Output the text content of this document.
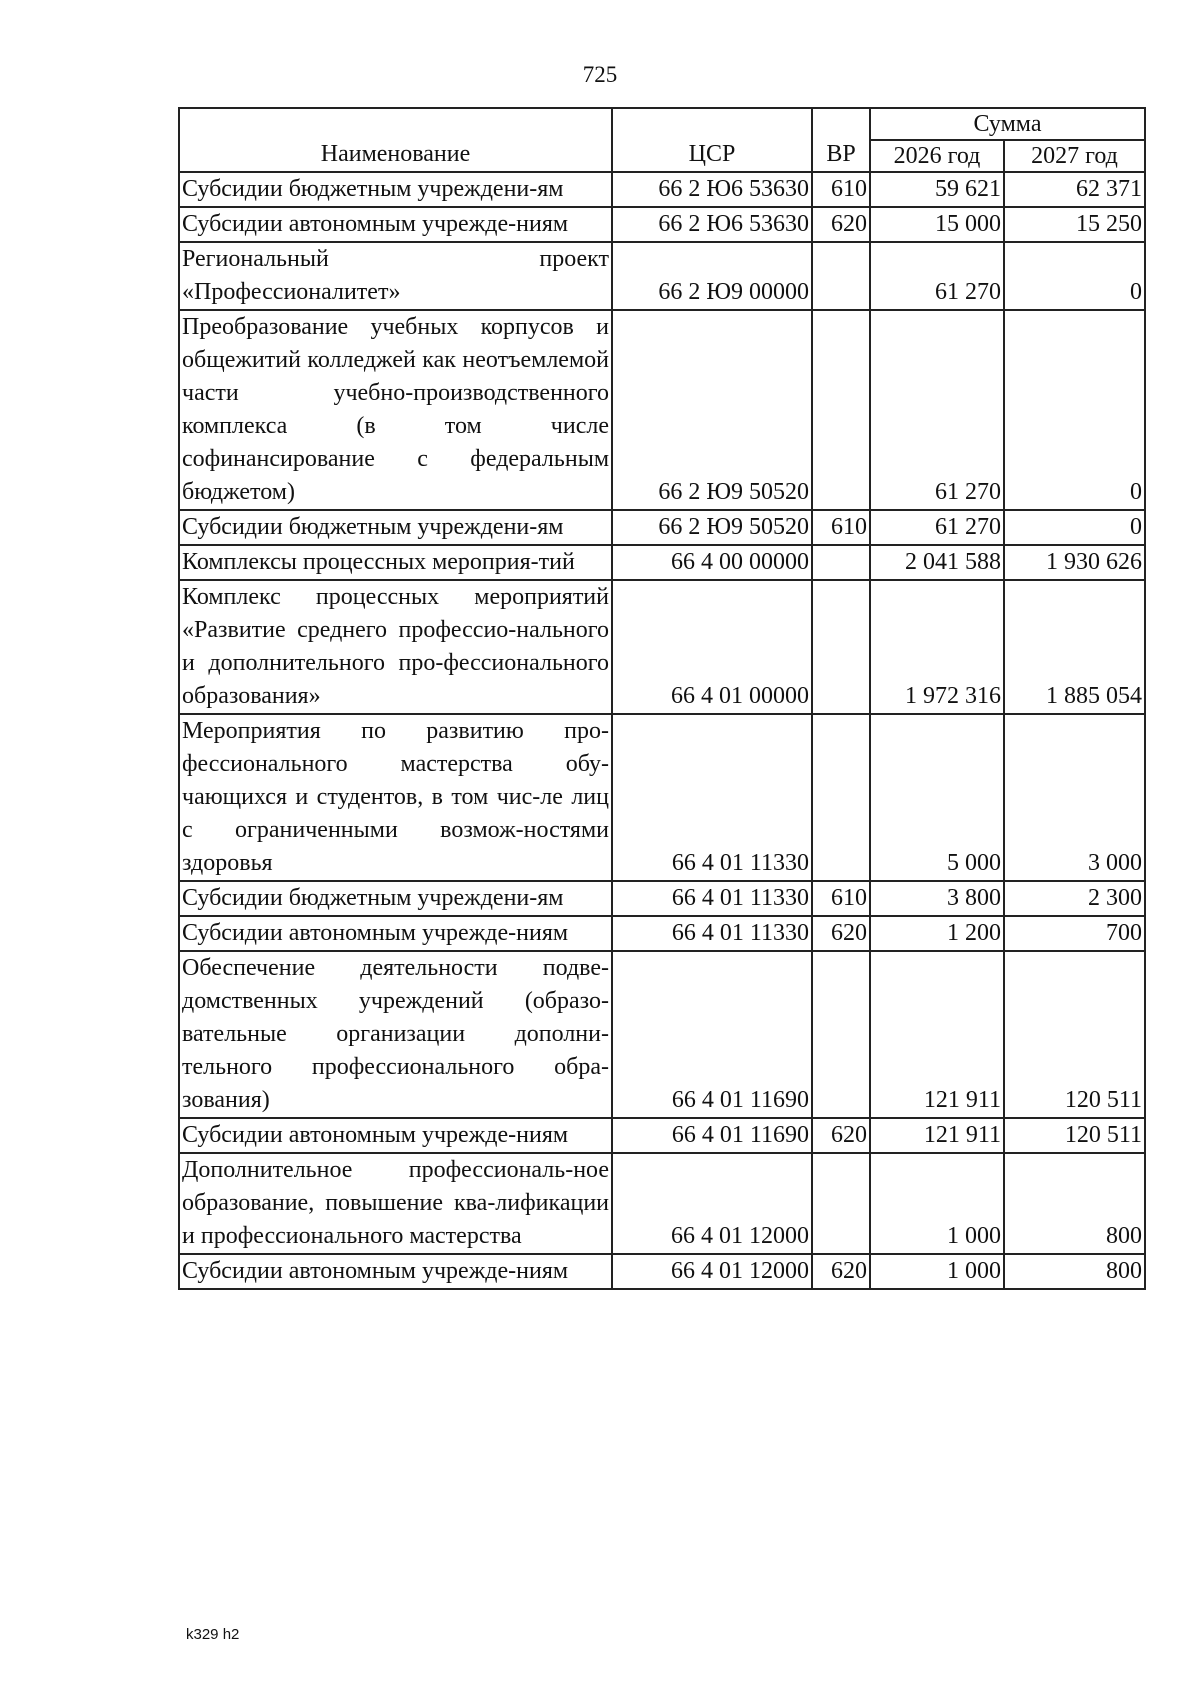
725
Наименование	ЦСР	ВР	Сумма	
			2026 год	2027 год
Субсидии бюджетным учреждени-ям	66 2 Ю6 53630	610	59 621	62 371
Субсидии автономным учрежде-ниям	66 2 Ю6 53630	620	15 000	15 250
Региональный проект «Профессионалитет»	66 2 Ю9 00000		61 270	0
Преобразование учебных корпусов и общежитий колледжей как неотъемлемой части учебно-производственного комплекса (в том числе софинансирование с федеральным бюджетом)	66 2 Ю9 50520		61 270	0
Субсидии бюджетным учреждени-ям	66 2 Ю9 50520	610	61 270	0
Комплексы процессных мероприя-тий	66 4 00 00000		2 041 588	1 930 626
Комплекс процессных мероприятий «Развитие среднего профессио-нального и дополнительного про-фессионального образования»	66 4 01 00000		1 972 316	1 885 054
Мероприятия по развитию про-фессионального мастерства обу-чающихся и студентов, в том чис-ле лиц с ограниченными возмож-ностями здоровья	66 4 01 11330		5 000	3 000
Субсидии бюджетным учреждени-ям	66 4 01 11330	610	3 800	2 300
Субсидии автономным учрежде-ниям	66 4 01 11330	620	1 200	700
Обеспечение деятельности подве-домственных учреждений (образо-вательные организации дополни-тельного профессионального обра-зования)	66 4 01 11690		121 911	120 511
Субсидии автономным учрежде-ниям	66 4 01 11690	620	121 911	120 511
Дополнительное профессиональ-ное образование, повышение ква-лификации и профессионального мастерства	66 4 01 12000		1 000	800
Субсидии автономным учрежде-ниям	66 4 01 12000	620	1 000	800
k329 h2
